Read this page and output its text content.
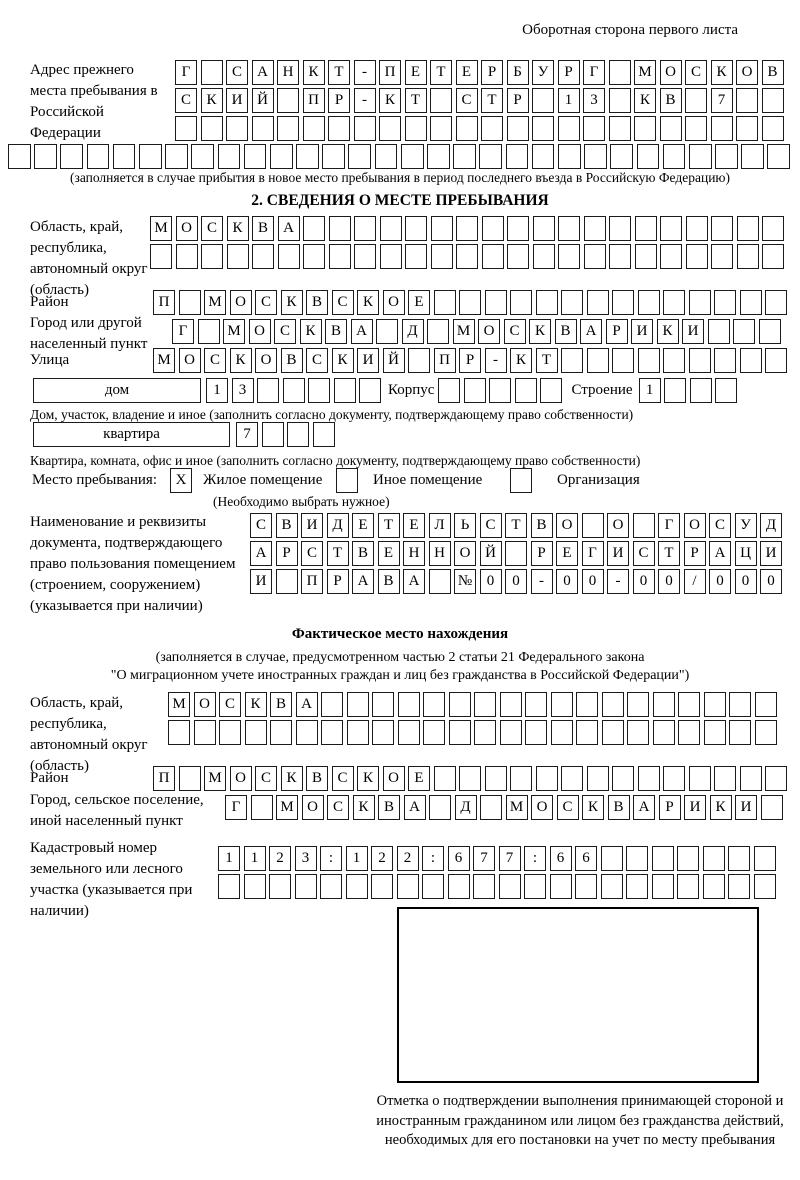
Оборотная сторона первого листа
Адрес прежнего места пребывания в Российской Федерации
Г	С	А Н	К	Т	-	П	Е	Т	Е	Р	Б	У	Р	Г	М О	С	К	О	В
С	К	И Й	П	Р	-	К	Т	С	Т	Р	1	3	К	В	7
(заполняется в случае прибытия в новое место пребывания в период последнего въезда в Российскую Федерацию)
2. СВЕДЕНИЯ О МЕСТЕ ПРЕБЫВАНИЯ
Область, край, республика, автономный округ (область)
М О	С	К	В	А
Район	П	М О	С	К	В	С	К	О	Е
Город или другой населенный пункт
Г	М О	С	К	В	А	Д	М О	С	К	В	А	Р	И	К	И
Улица	М О	С	К	О	В	С	К	И Й	П	Р	-	К	Т
дом	1	3	Корпус	Строение 1
Дом, участок, владение и иное (заполнить согласно документу, подтверждающему право собственности)
квартира	7
Квартира, комната, офис и иное (заполнить согласно документу, подтверждающему право собственности)
Место пребывания:	X	Жилое помещение	Иное помещение	Организация
(Необходимо выбрать нужное)
Наименование и реквизиты документа, подтверждающего право пользования помещением (строением, сооружением) (указывается при наличии)
С	В	И Д	Е	Т	Е	Л	Ь	С	Т	В	О	О	Г	О	С	У	Д
А	Р	С	Т	В	Е	Н Н О Й	Р	Е	Г	И	С	Т	Р	А Ц И
И	П	Р	А	В	А	№ 0	0	-	0	0	-	0	0	/	0	0	0
Фактическое место нахождения
(заполняется в случае, предусмотренном частью 2 статьи 21 Федерального закона
"О миграционном учете иностранных граждан и лиц без гражданства в Российской Федерации")
Область, край, республика, автономный округ (область)
М О	С	К	В	А
Район	П	М О	С	К	В	С	К	О	Е
Город, сельское поселение, иной населенный пункт
Г	М О	С	К	В	А	Д	М О	С	К	В	А	Р	И	К	И
Кадастровый номер земельного или лесного участка (указывается при наличии)
1	1	2	3	:	1	2	2	:	6	7	7	:	6	6
Отметка о подтверждении выполнения принимающей стороной и иностранным гражданином или лицом без гражданства действий, необходимых для его постановки на учет по месту пребывания
